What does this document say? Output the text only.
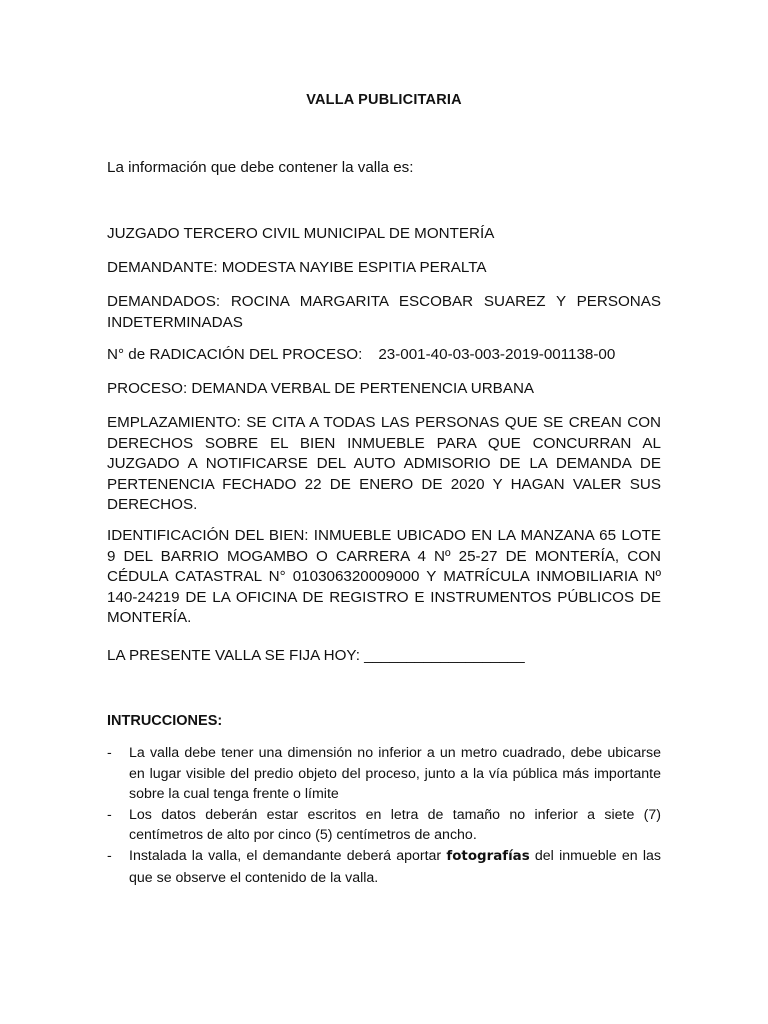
VALLA PUBLICITARIA
La información que debe contener la valla es:
JUZGADO TERCERO CIVIL MUNICIPAL DE MONTERÍA
DEMANDANTE: MODESTA NAYIBE ESPITIA PERALTA
DEMANDADOS: ROCINA MARGARITA ESCOBAR SUAREZ Y PERSONAS INDETERMINADAS
N° de RADICACIÓN DEL PROCESO: 23-001-40-03-003-2019-001138-00
PROCESO: DEMANDA VERBAL DE PERTENENCIA URBANA
EMPLAZAMIENTO: SE CITA A TODAS LAS PERSONAS QUE SE CREAN CON DERECHOS SOBRE EL BIEN INMUEBLE PARA QUE CONCURRAN AL JUZGADO A NOTIFICARSE DEL AUTO ADMISORIO DE LA DEMANDA DE PERTENENCIA FECHADO 22 DE ENERO DE 2020 Y HAGAN VALER SUS DERECHOS.
IDENTIFICACIÓN DEL BIEN: INMUEBLE UBICADO EN LA MANZANA 65 LOTE 9 DEL BARRIO MOGAMBO O CARRERA 4 Nº 25-27 DE MONTERÍA, CON CÉDULA CATASTRAL N° 010306320009000 Y MATRÍCULA INMOBILIARIA Nº 140-24219 DE LA OFICINA DE REGISTRO E INSTRUMENTOS PÚBLICOS DE MONTERÍA.
LA PRESENTE VALLA SE FIJA HOY: ___________________
INTRUCCIONES:
- La valla debe tener una dimensión no inferior a un metro cuadrado, debe ubicarse en lugar visible del predio objeto del proceso, junto a la vía pública más importante sobre la cual tenga frente o límite
- Los datos deberán estar escritos en letra de tamaño no inferior a siete (7) centímetros de alto por cinco (5) centímetros de ancho.
- Instalada la valla, el demandante deberá aportar fotografías del inmueble en las que se observe el contenido de la valla.
